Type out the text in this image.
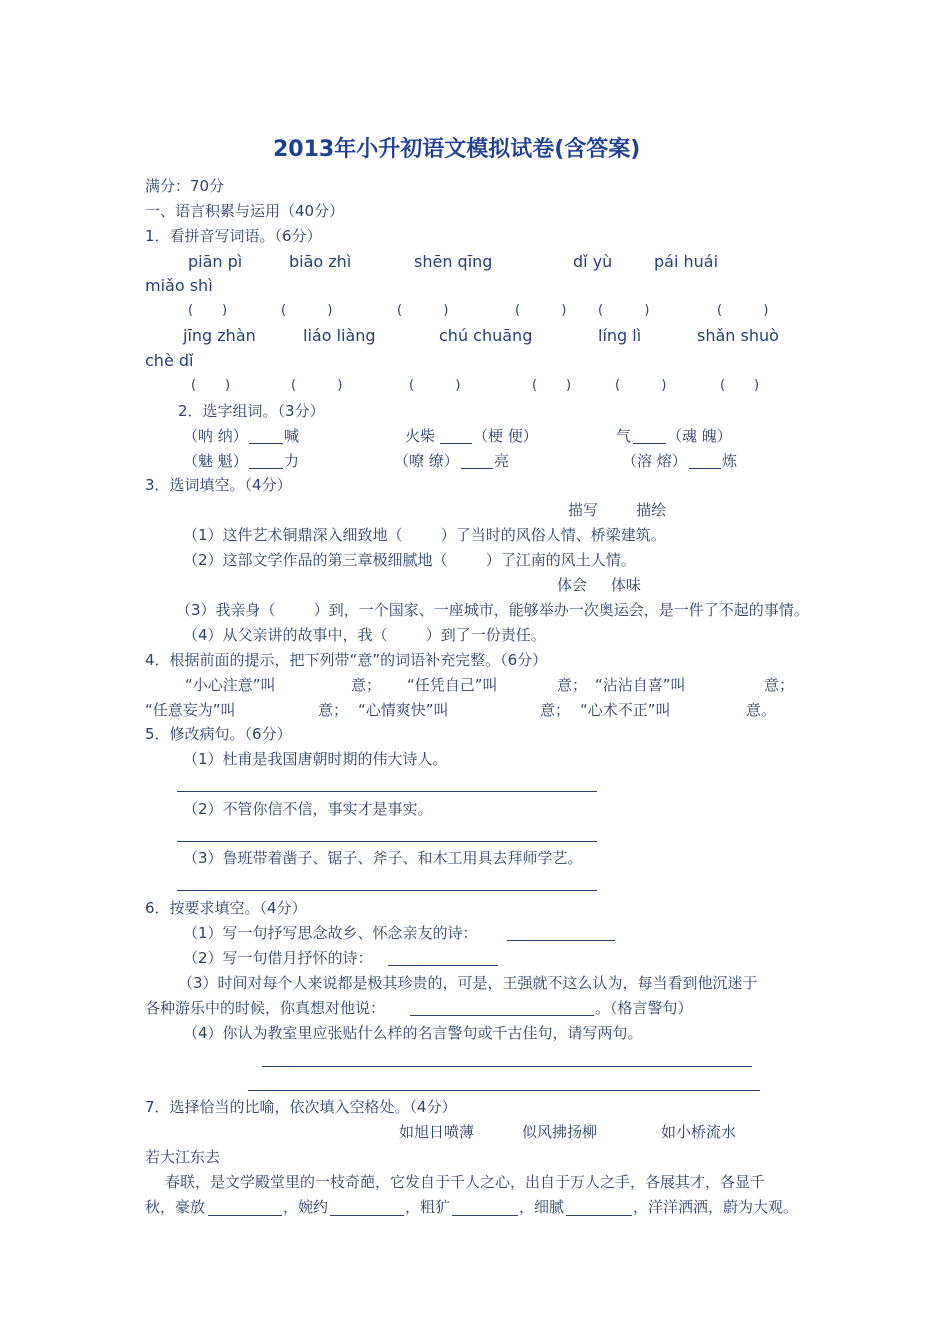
2013年小升初语文模拟试卷(含答案)
满分：70分
一、语言积累与运用（40分）
1．看拼音写词语。（6分）
piān pì	biāo zhì	shēn qīng	dǐ yù	pái huái
miǎo shì
(       )	(          )	(          )	(          ) (          )	(          )
jīng zhàn	liáo liàng	chú chuāng	líng lì	shǎn shuò
chè dǐ
(       )	(          )	(          )	(       )	(          )	(       )
2．选字组词。（3分）
（呐 纳） 喊	火柴	（梗 便）	气 （魂 魄）
（魅 魁） 力	（嘹 缭） 亮	（溶 熔） 炼
3．选词填空。（4分）
描写        描绘
（1）这件艺术铜鼎深入细致地（        ）了当时的风俗人情、桥梁建筑。
（2）这部文学作品的第三章极细腻地（        ）了江南的风土人情。
体会     体味
（3）我亲身（        ）到，一个国家、一座城市，能够举办一次奥运会，是一件了不起的事情。
（4）从父亲讲的故事中，我（        ）到了一份责任。
4．根据前面的提示，把下列带“意”的词语补充完整。（6分）
“小心注意”叫	意； “任凭自己”叫	意； “沾沾自喜”叫	意；
“任意妄为”叫	意； “心情爽快”叫	意； “心术不正”叫	意。
5．修改病句。（6分）
（1）杜甫是我国唐朝时期的伟大诗人。
（2）不管你信不信，事实才是事实。
（3）鲁班带着凿子、锯子、斧子、和木工用具去拜师学艺。
6．按要求填空。（4分）
（1）写一句抒写思念故乡、怀念亲友的诗：
（2）写一句借月抒怀的诗：
（3）时间对每个人来说都是极其珍贵的，可是，王强就不这么认为，每当看到他沉迷于
各种游乐中的时候，你真想对他说：	。（格言警句）
（4）你认为教室里应张贴什么样的名言警句或千古佳句，请写两句。
7．选择恰当的比喻，依次填入空格处。（4分）
如旭日喷薄	似风拂扬柳	如小桥流水
若大江东去
春联，是文学殿堂里的一枝奇葩，它发自于千人之心，出自于万人之手，各展其才，各显千
秋，豪放	，婉约	，粗犷	，细腻	，洋洋洒洒，蔚为大观。
